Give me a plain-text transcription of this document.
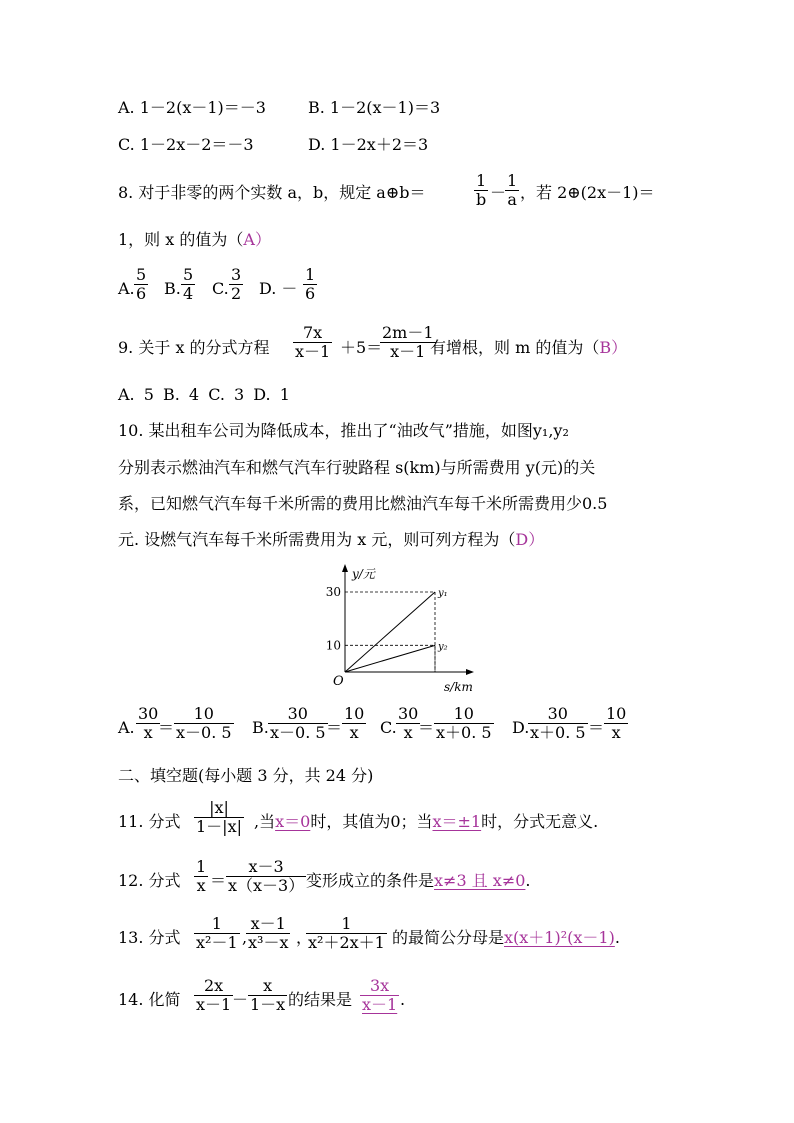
A. 1－2(x－1)＝－3	B. 1－2(x－1)＝3
C. 1－2x－2＝－3	D. 1－2x＋2＝3
8. 对于非零的两个实数 a，b，规定 a⊕b＝	$\frac{1}{b}$ －
$\frac{1}{a}$ ，若 2⊕(2x－1)＝
1，则 x 的值为（A）
A. $\frac{5}{6} B$. $\frac{5}{4} C$. $\frac{3}{2} D$. － $\frac{1}{6}$
9. 关于 x 的分式方程 $\frac{7x}{x-1} +5=$
$\frac{2m-1}{x-1}$
有增根，则 m 的值为（B）
A. 5 B. 4 C. 3 D. 1
10. 某出租车公司为降低成本，推出了“油改气”措施，如图y₁,y₂
分别表示燃油汽车和燃气汽车行驶路程 s(km)与所需费用 y(元)的关
系，已知燃气汽车每千米所需的费用比燃油汽车每千米所需费用少0.5
元. 设燃气汽车每千米所需费用为 x 元，则可列方程为（D）
y₁
y₂
10
30
y/元
s/km
O
A. $\frac{30}{x}$
＝ $\frac{10}{x-0. 5} B$. $\frac{30}{x-0. 5}$
＝ $\frac{10}{x} C$. $\frac{30}{x}$
＝ $\frac{10}{x+0. 5} D$.
$\frac{30}{x+0. 5} = \frac{10}{x}$
二、填空题(每小题 3 分，共 24 分)
11. 分式 $\frac{|x|}{1-|x|}$ ,当x＝0时，其值为0；当x＝±1时，分式无意义.
12. 分式 $\frac{1}{x} = \frac{x-3}{x(x-3)}$ 变形成立的条件是x≠3 且 x≠0.
13. 分式 $\frac{1}{\text{x²－1}}$ ,
$\frac{x-1}{\text{x³－x}}$ ，
$\frac{1}{\text{x²＋2x＋1}}$ 的最简公分母是x(x＋1)²(x－1).
14. 化简 $\frac{2x}{x-1}$
－ $\frac{x}{1-x}$ 的结果是 $\frac{3x}{x-1}$ .
